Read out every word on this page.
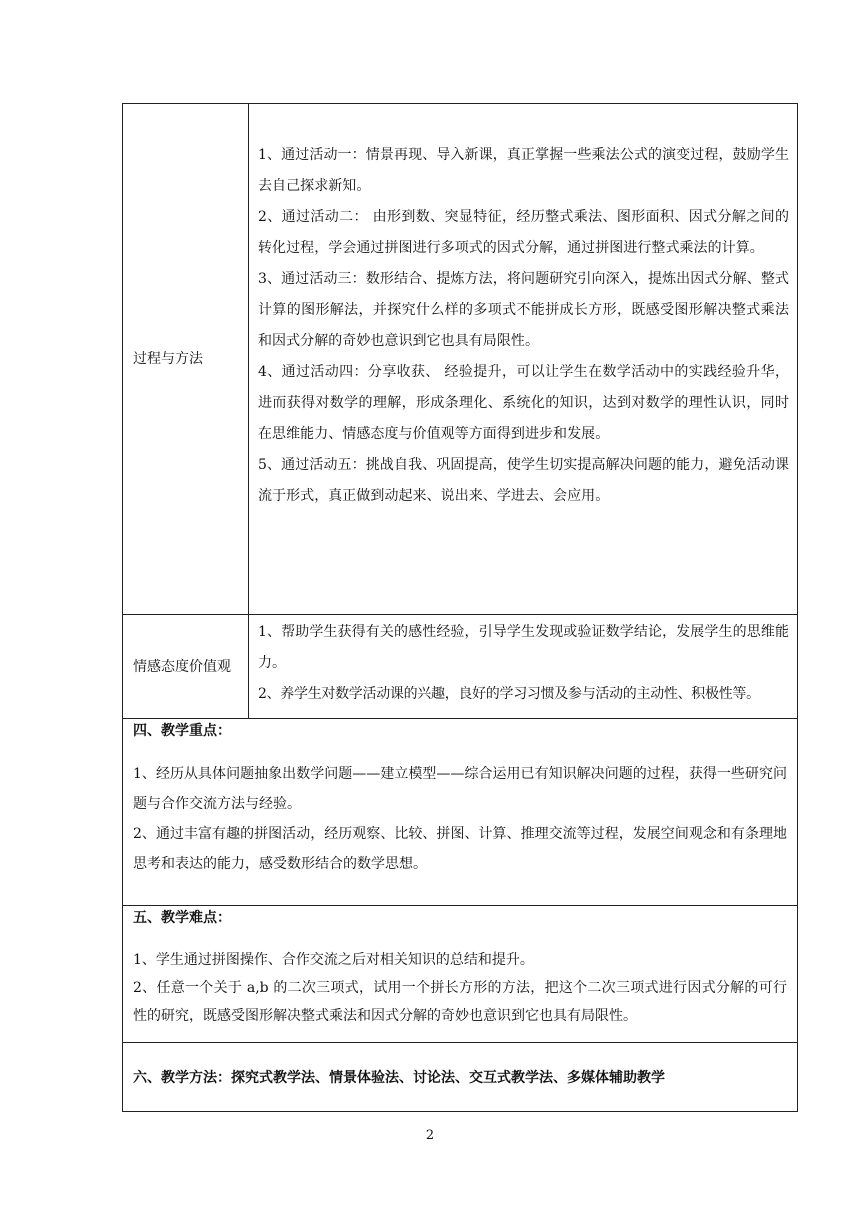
过程与方法	1、通过活动一：情景再现、导入新课，真正掌握一些乘法公式的演变过程，鼓励学生去自己探求新知。

2、通过活动二： 由形到数、突显特征，经历整式乘法、图形面积、因式分解之间的转化过程，学会通过拼图进行多项式的因式分解，通过拼图进行整式乘法的计算。

3、通过活动三：数形结合、提炼方法，将问题研究引向深入，提炼出因式分解、整式计算的图形解法，并探究什么样的多项式不能拼成长方形，既感受图形解决整式乘法和因式分解的奇妙也意识到它也具有局限性。

4、通过活动四：分享收获、 经验提升，可以让学生在数学活动中的实践经验升华，进而获得对数学的理解，形成条理化、系统化的知识，达到对数学的理性认识，同时在思维能力、情感态度与价值观等方面得到进步和发展。

5、通过活动五：挑战自我、巩固提高，使学生切实提高解决问题的能力，避免活动课流于形式，真正做到动起来、说出来、学进去、会应用。

情感态度价值观	1、帮助学生获得有关的感性经验，引导学生发现或验证数学结论，发展学生的思维能力。

2、养学生对数学活动课的兴趣，良好的学习习惯及参与活动的主动性、积极性等。

四、教学重点：

1、经历从具体问题抽象出数学问题——建立模型——综合运用已有知识解决问题的过程，获得一些研究问题与合作交流方法与经验。

2、通过丰富有趣的拼图活动，经历观察、比较、拼图、计算、推理交流等过程，发展空间观念和有条理地思考和表达的能力，感受数形结合的数学思想。	

五、教学难点：

1、学生通过拼图操作、合作交流之后对相关知识的总结和提升。

2、任意一个关于 a,b 的二次三项式，试用一个拼长方形的方法，把这个二次三项式进行因式分解的可行性的研究，既感受图形解决整式乘法和因式分解的奇妙也意识到它也具有局限性。	

六、教学方法：探究式教学法、情景体验法、讨论法、交互式教学法、多媒体辅助教学	

2
